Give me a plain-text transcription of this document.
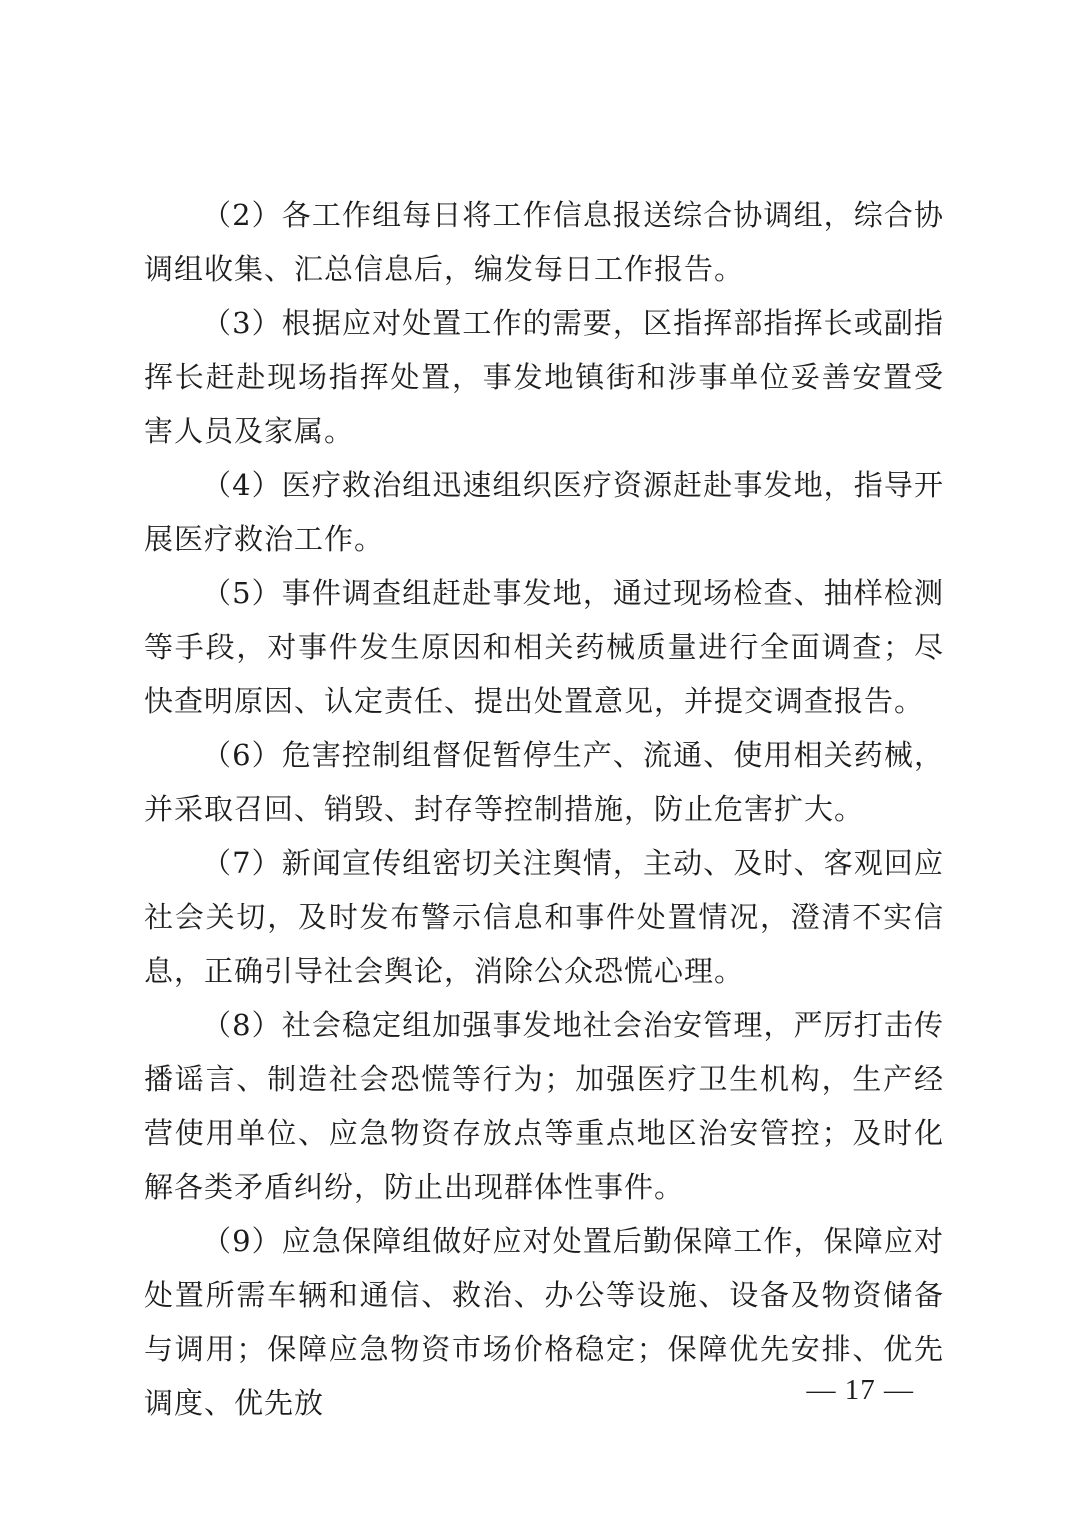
（2）各工作组每日将工作信息报送综合协调组，综合协调组收集、汇总信息后，编发每日工作报告。

（3）根据应对处置工作的需要，区指挥部指挥长或副指挥长赶赴现场指挥处置，事发地镇街和涉事单位妥善安置受害人员及家属。

（4）医疗救治组迅速组织医疗资源赶赴事发地，指导开展医疗救治工作。

（5）事件调查组赶赴事发地，通过现场检查、抽样检测等手段，对事件发生原因和相关药械质量进行全面调查；尽快查明原因、认定责任、提出处置意见，并提交调查报告。

（6）危害控制组督促暂停生产、流通、使用相关药械，并采取召回、销毁、封存等控制措施，防止危害扩大。

（7）新闻宣传组密切关注舆情，主动、及时、客观回应社会关切，及时发布警示信息和事件处置情况，澄清不实信息，正确引导社会舆论，消除公众恐慌心理。

（8）社会稳定组加强事发地社会治安管理，严厉打击传播谣言、制造社会恐慌等行为；加强医疗卫生机构，生产经营使用单位、应急物资存放点等重点地区治安管控；及时化解各类矛盾纠纷，防止出现群体性事件。

（9）应急保障组做好应对处置后勤保障工作，保障应对处置所需车辆和通信、救治、办公等设施、设备及物资储备与调用；保障应急物资市场价格稳定；保障优先安排、优先调度、优先放	— 17 —
